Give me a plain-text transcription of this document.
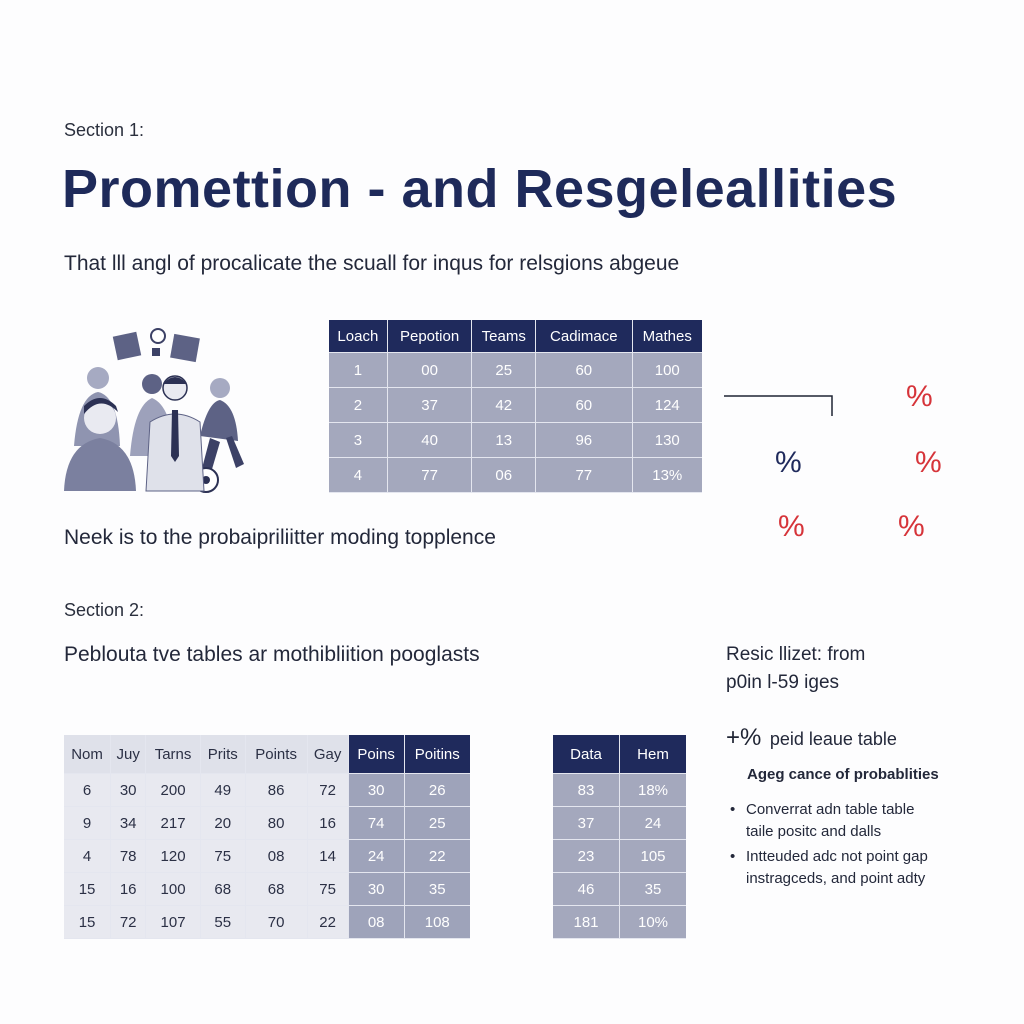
Section 1:
Promettion - and Resgeleallities
That lll angl of procalicate the scuall for inqus for relsgions abgeue
Loach	Pepotion	Teams	Cadimace	Mathes
1	00	25	60	100
2	37	42	60	124
3	40	13	96	130
4	77	06	77	13%
%
%	%
%	%
Neek is to the probaipriliitter moding topplence
Section 2:
Peblouta tve tables ar mothibliition pooglasts
Nom	Juy	Tarns	Prits	Points	Gay	Poins	Poitins
6	30	200	49	86	72	30	26
9	34	217	20	80	16	74	25
4	78	120	75	08	14	24	22
15	16	100	68	68	75	30	35
15	72	107	55	70	22	08	108
Data	Hem
83	18%
37	24
23	105
46	35
181	10%
Resic llizet: from
p0in l-59 iges
+% peid leaue table
Ageg cance of probablities
• Converrat adn table table
taile positc and dalls
• Intteuded adc not point gap
instragceds, and point adty
